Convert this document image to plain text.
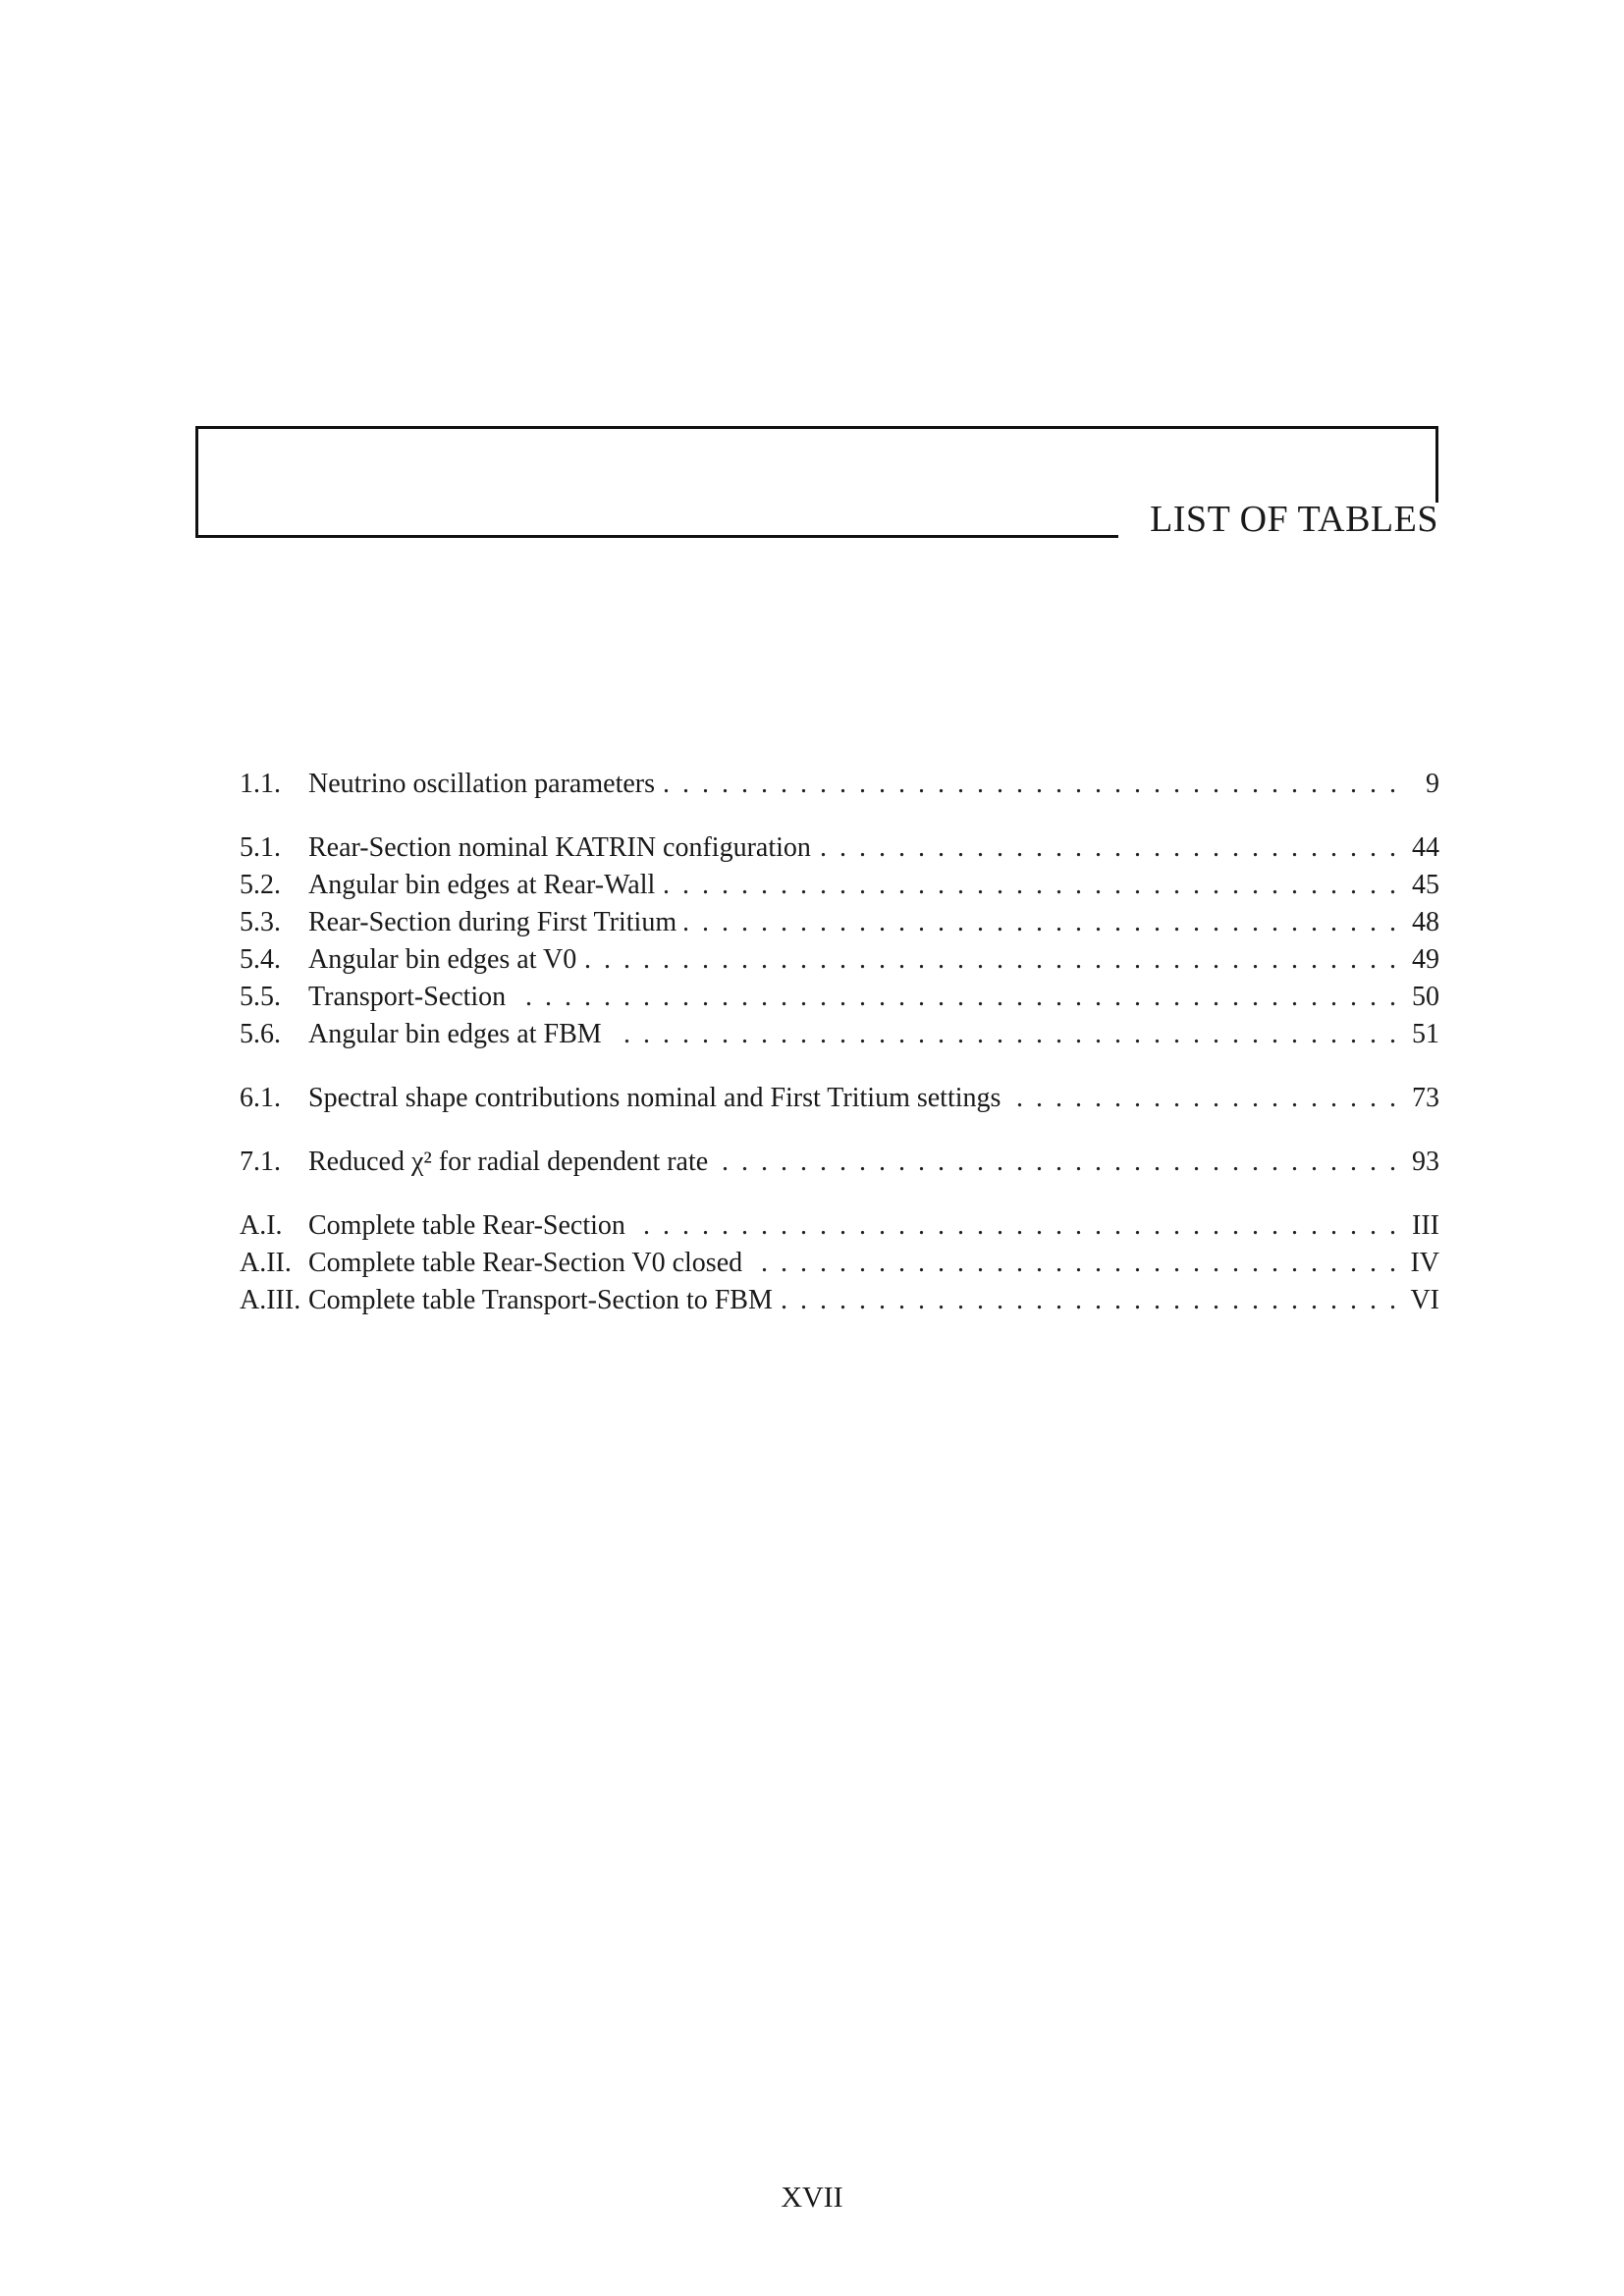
LIST OF TABLES
1.1.	Neutrino oscillation parameters . . .	9
5.1.	Rear-Section nominal KATRIN configuration . . .	44
5.2.	Angular bin edges at Rear-Wall . . .	45
5.3.	Rear-Section during First Tritium . . .	48
5.4.	Angular bin edges at V0 . . .	49
5.5.	Transport-Section . . .	50
5.6.	Angular bin edges at FBM . . .	51
6.1.	Spectral shape contributions nominal and First Tritium settings . . .	73
7.1.	Reduced χ² for radial dependent rate . . .	93
A.I. Complete table Rear-Section . . .	III
A.II. Complete table Rear-Section V0 closed . . .	IV
A.III. Complete table Transport-Section to FBM . . .	VI
XVII
